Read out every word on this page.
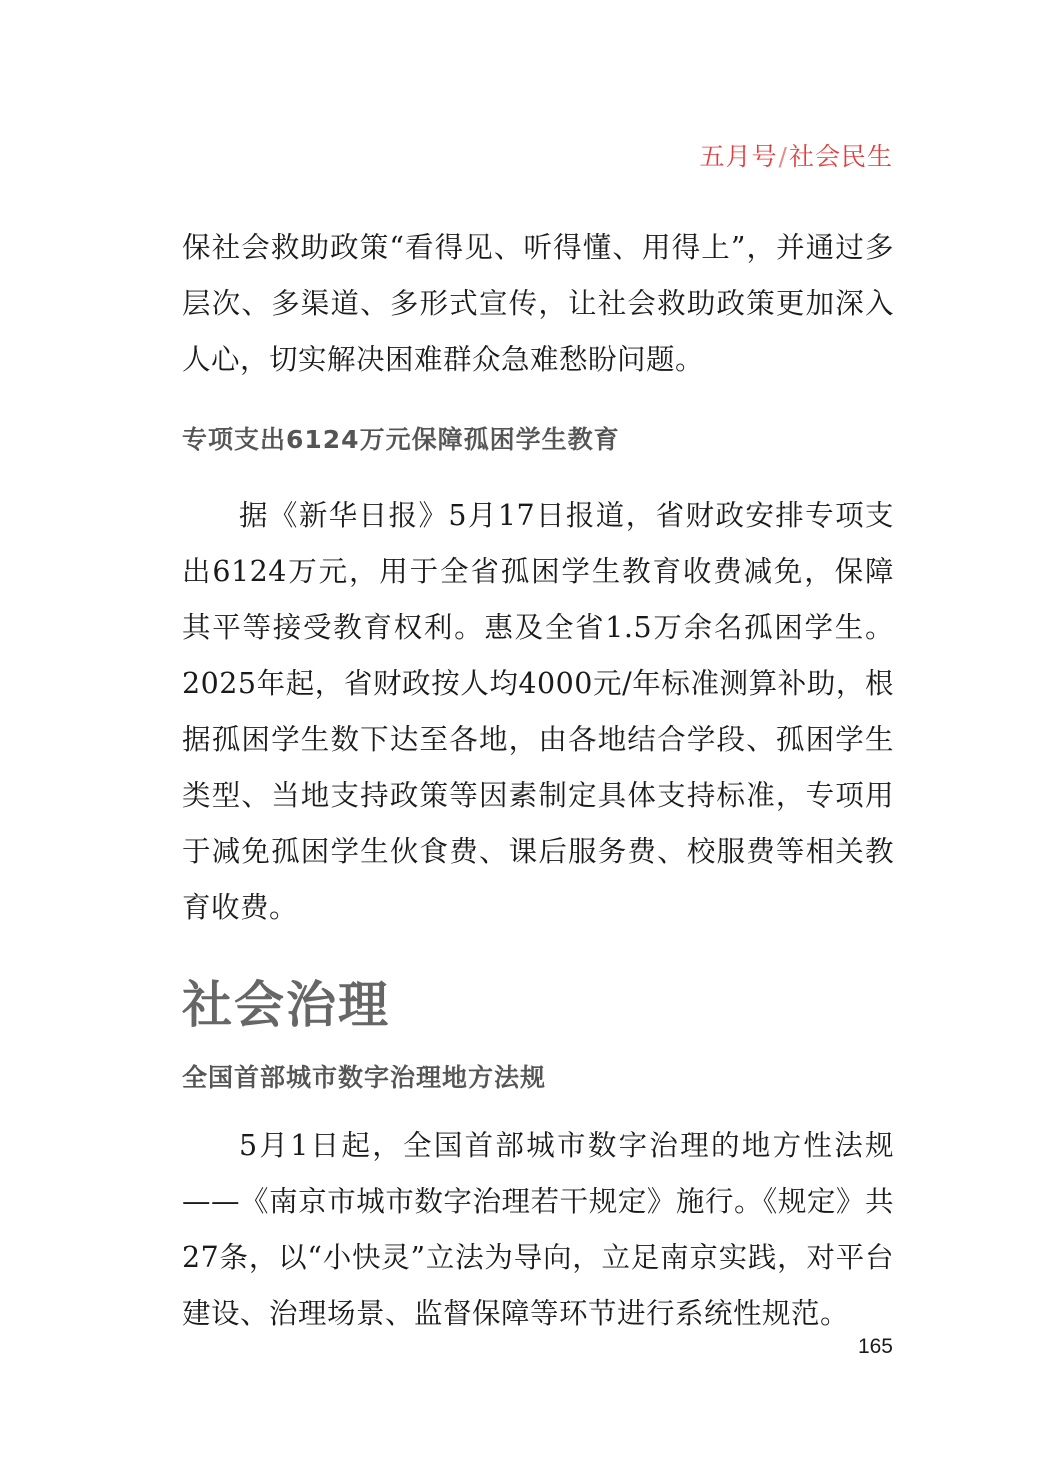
五月号/社会民生

保社会救助政策“看得见、听得懂、用得上”，并通过多层次、多渠道、多形式宣传，让社会救助政策更加深入人心，切实解决困难群众急难愁盼问题。

专项支出6124万元保障孤困学生教育

据《新华日报》5月17日报道，省财政安排专项支出6124万元，用于全省孤困学生教育收费减免，保障其平等接受教育权利。惠及全省1.5万余名孤困学生。2025年起，省财政按人均4000元/年标准测算补助，根据孤困学生数下达至各地，由各地结合学段、孤困学生类型、当地支持政策等因素制定具体支持标准，专项用于减免孤困学生伙食费、课后服务费、校服费等相关教育收费。

社会治理
全国首部城市数字治理地方法规

5月1日起，全国首部城市数字治理的地方性法规——《南京市城市数字治理若干规定》施行。《规定》共27条，以“小快灵”立法为导向，立足南京实践，对平台建设、治理场景、监督保障等环节进行系统性规范。

165
